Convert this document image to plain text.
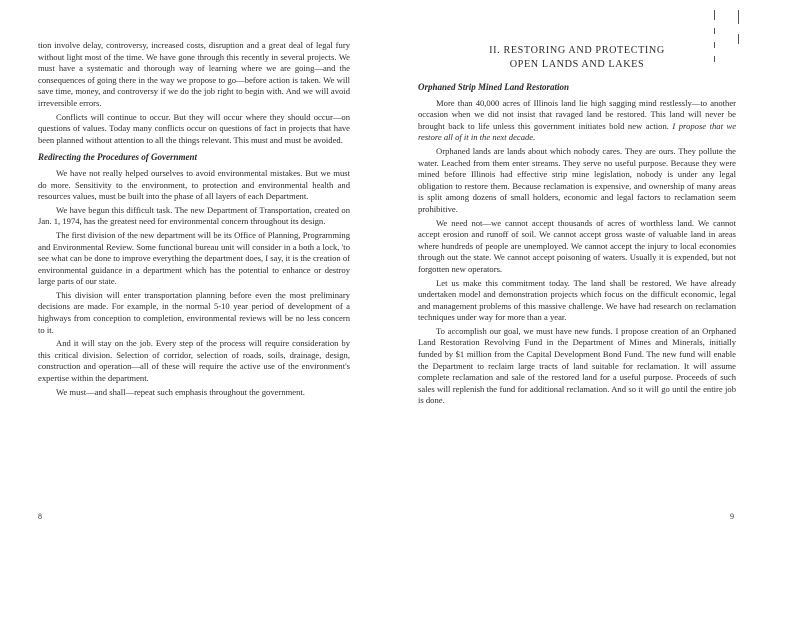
tion involve delay, controversy, increased costs, disruption and a great deal of legal fury without light most of the time. We have gone through this recently in several projects. We must have a systematic and thorough way of learning where we are going—and the consequences of going there in the way we propose to go—before action is taken. We will save time, money, and controversy if we do the job right to begin with. And we will avoid irreversible errors.

Conflicts will continue to occur. But they will occur where they should occur—on questions of values. Today many conflicts occur on questions of fact in projects that have been planned without attention to all the things relevant. This must and must be avoided.

Redirecting the Procedures of Government

We have not really helped ourselves to avoid environmental mistakes. But we must do more. Sensitivity to the environment, to protection and environmental health and resources values, must be built into the phase of all layers of each Department.

We have begun this difficult task. The new Department of Transportation, created on Jan. 1, 1974, has the greatest need for environmental concern throughout its design.

The first division of the new department will be its Office of Planning, Programming and Environmental Review. Some functional bureau unit will consider in a both a lock, 'to see what can be done to improve everything the department does, I say, it is the creation of environmental guidance in a department which has the potential to enhance or destroy large parts of our state.

This division will enter transportation planning before even the most preliminary decisions are made. For example, in the normal 5-10 year period of development of a highways from conception to completion, environmental reviews will be no less concern to it.

And it will stay on the job. Every step of the process will require consideration by this critical division. Selection of corridor, selection of roads, soils, drainage, design, construction and operation—all of these will require the active use of the environment's expertise within the department.

We must—and shall—repeat such emphasis throughout the government.

8
II. RESTORING AND PROTECTING
OPEN LANDS AND LAKES
Orphaned Strip Mined Land Restoration

More than 40,000 acres of Illinois land lie high sagging mind restlessly—to another occasion when we did not insist that ravaged land be restored. This land will never be brought back to life unless this government initiates bold new action. I propose that we restore all of it in the next decade.

Orphaned lands are lands about which nobody cares. They are ours. They pollute the water. Leached from them enter streams. They serve no useful purpose. Because they were mined before Illinois had effective strip mine legislation, nobody is under any legal obligation to restore them. Because reclamation is expensive, and ownership of many areas is split among dozens of small holders, economic and legal factors to reclamation seem prohibitive.

We need not—we cannot accept thousands of acres of worthless land. We cannot accept erosion and runoff of soil. We cannot accept gross waste of valuable land in areas where hundreds of people are unemployed. We cannot accept the injury to local economies through out the state. We cannot accept poisoning of waters. Usually it is expended, but not forgotten new operators.

Let us make this commitment today. The land shall be restored. We have already undertaken model and demonstration projects which focus on the difficult economic, legal and management problems of this massive challenge. We have had research on reclamation techniques under way for more than a year.

To accomplish our goal, we must have new funds. I propose creation of an Orphaned Land Restoration Revolving Fund in the Department of Mines and Minerals, initially funded by $1 million from the Capital Development Bond Fund. The new fund will enable the Department to reclaim large tracts of land suitable for reclamation. It will assume complete reclamation and sale of the restored land for a useful purpose. Proceeds of such sales will replenish the fund for additional reclamation. And so it will go until the entire job is done.

9
